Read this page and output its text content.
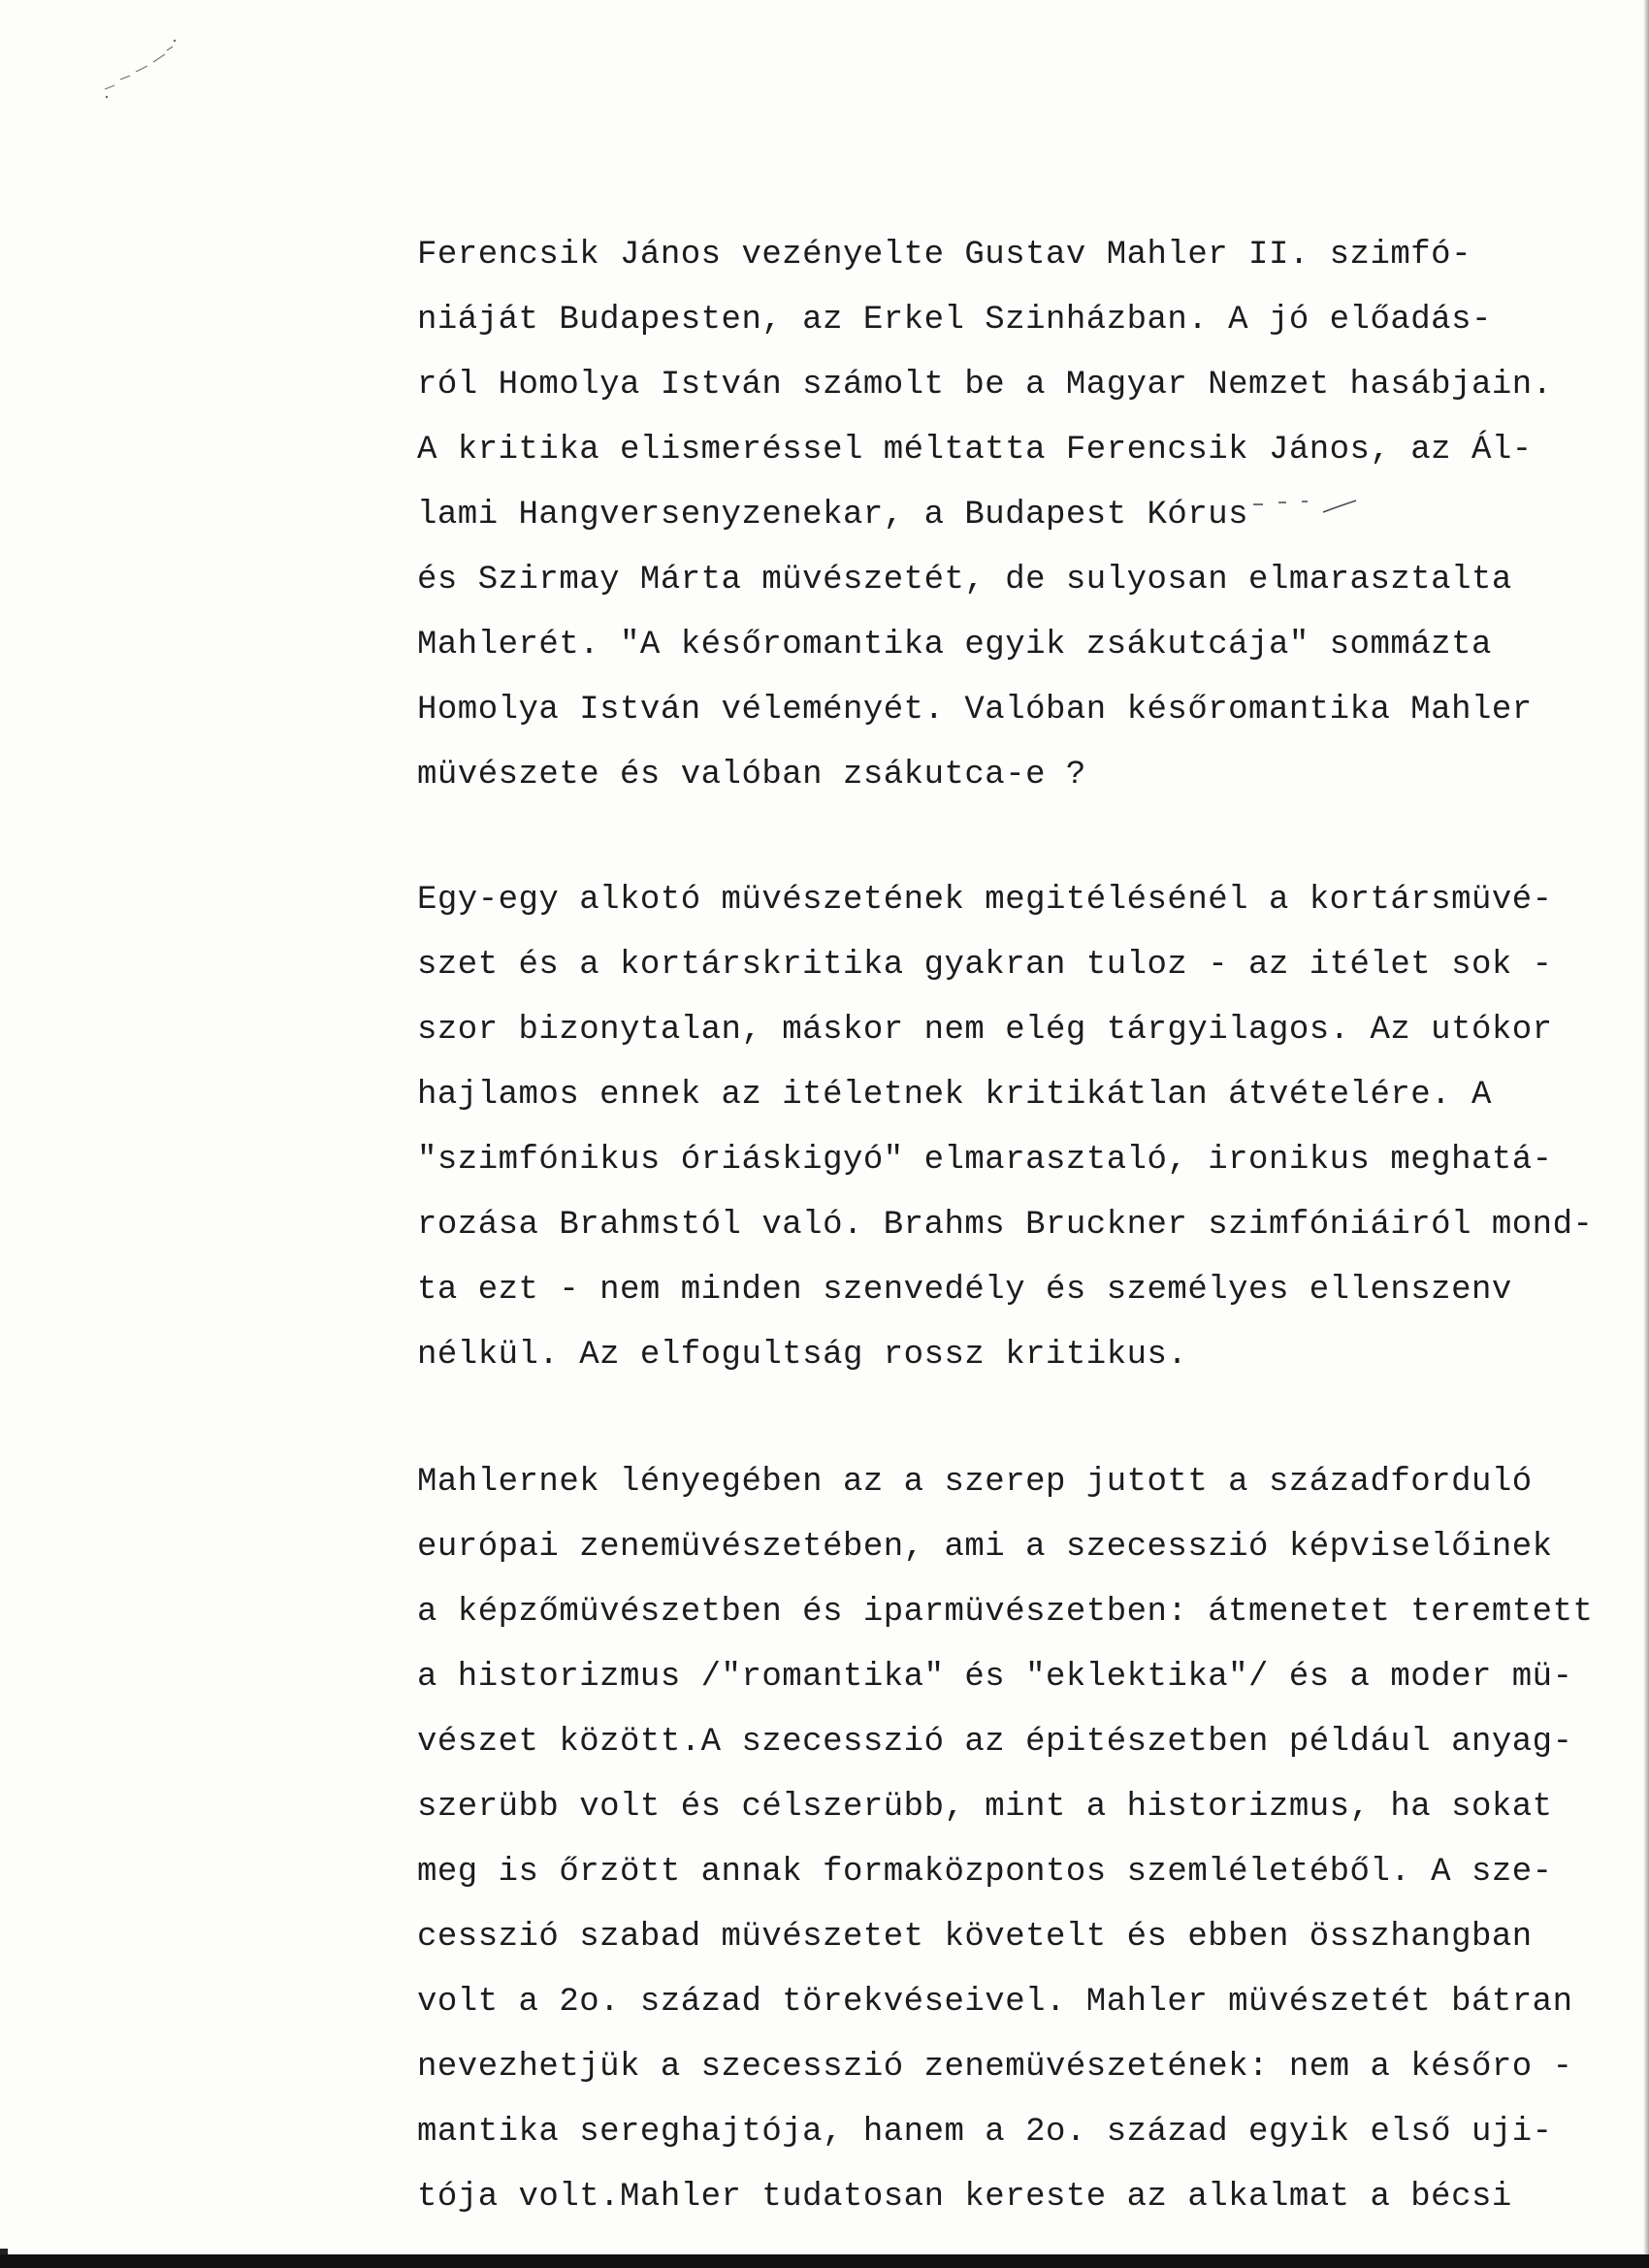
Ferencsik János vezényelte Gustav Mahler II. szimfó-
niáját Budapesten, az Erkel Szinházban. A jó előadás-
ról Homolya István számolt be a Magyar Nemzet hasábjain.
A kritika elismeréssel méltatta Ferencsik János, az Ál-
lami Hangversenyzenekar, a Budapest Kórus
és Szirmay Márta müvészetét, de sulyosan elmarasztalta
Mahlerét. "A későromantika egyik zsákutcája" sommázta
Homolya István véleményét. Valóban későromantika Mahler
müvészete és valóban zsákutca-e ?
Egy-egy alkotó müvészetének megitélésénél a kortársmüvé-
szet és a kortárskritika gyakran tuloz - az itélet sok -
szor bizonytalan, máskor nem elég tárgyilagos. Az utókor
hajlamos ennek az itéletnek kritikátlan átvételére. A
"szimfónikus óriáskigyó" elmarasztaló, ironikus meghatá-
rozása Brahmstól való. Brahms Bruckner szimfóniáiról mond-
ta ezt - nem minden szenvedély és személyes ellenszenv
nélkül. Az elfogultság rossz kritikus.
Mahlernek lényegében az a szerep jutott a századforduló
európai zenemüvészetében, ami a szecesszió képviselőinek
a képzőmüvészetben és iparmüvészetben: átmenetet teremtett
a historizmus /"romantika" és "eklektika"/ és a moder mü-
vészet között.A szecesszió az épitészetben például anyag-
szerübb volt és célszerübb, mint a historizmus, ha sokat
meg is őrzött annak formaközpontos szemléletéből. A sze-
cesszió szabad müvészetet követelt és ebben összhangban
volt a 2o. század törekvéseivel. Mahler müvészetét bátran
nevezhetjük a szecesszió zenemüvészetének: nem a későro -
mantika sereghajtója, hanem a 2o. század egyik első uji-
tója volt.Mahler tudatosan kereste az alkalmat a bécsi
